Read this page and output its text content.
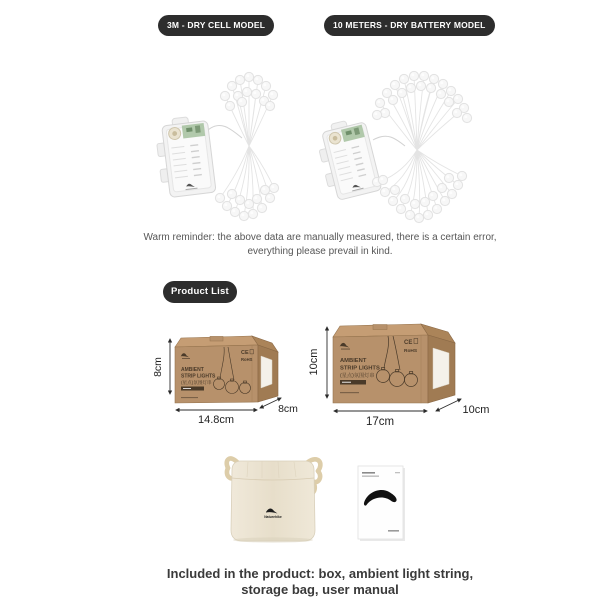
3M - DRY CELL MODEL	10 METERS - DRY BATTERY MODEL
Warm reminder: the above data are manually measured, there is a certain error,
everything please prevail in kind.
Product List
AMBIENT
STRIP LIGHTS
(星点)氛围灯串
CE
RoHS
8cm
14.8cm
8cm
AMBIENT
STRIP LIGHTS
(星点)氛围灯串
CE
RoHS
10cm
17cm
10cm
Naturehike
Included in the product: box, ambient light string,
storage bag, user manual
